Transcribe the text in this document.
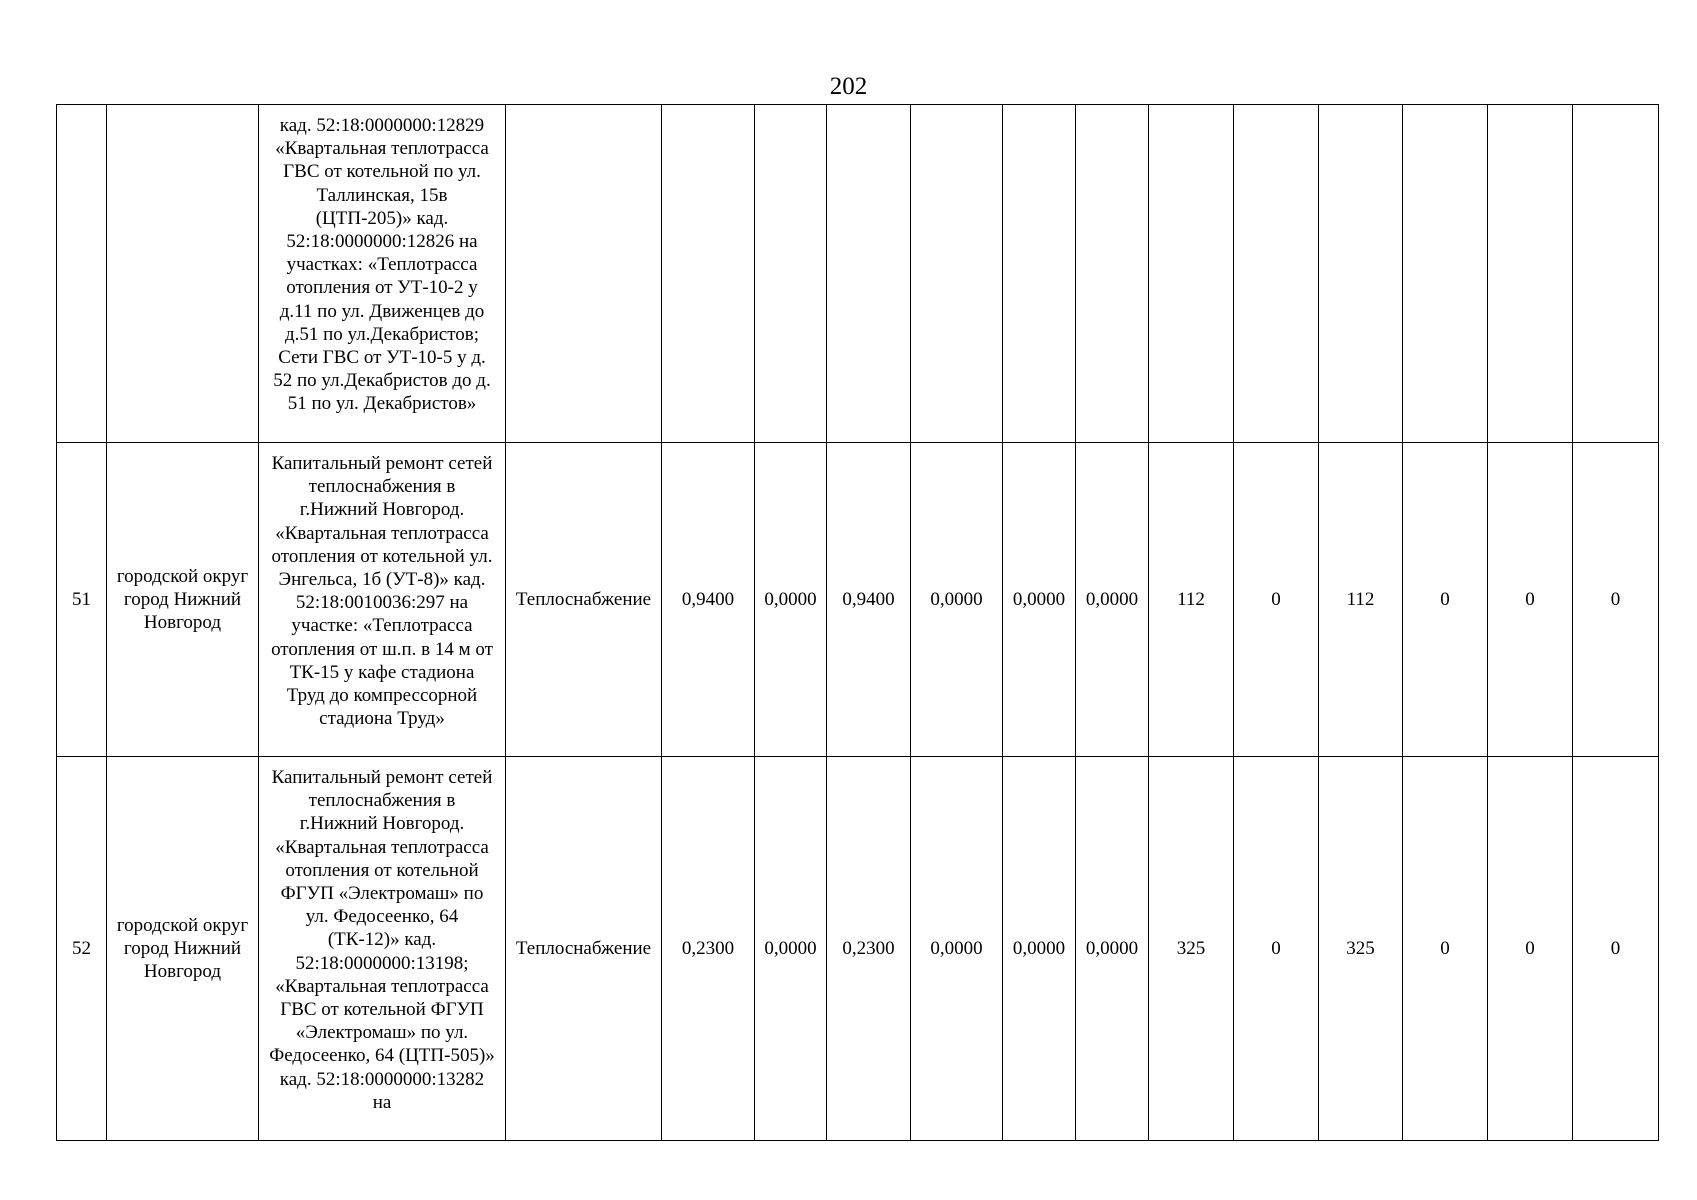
202
		кад. 52:18:0000000:12829 «Квартальная теплотрасса ГВС от котельной по ул. Таллинская, 15в (ЦТП-205)» кад. 52:18:0000000:12826 на участках: «Теплотрасса отопления от УТ-10-2 у д.11 по ул. Движенцев до д.51 по ул.Декабристов; Сети ГВС от УТ-10-5 у д. 52 по ул.Декабристов до д. 51 по ул. Декабристов»													
51	городской округ город Нижний Новгород	Капитальный ремонт сетей теплоснабжения в г.Нижний Новгород. «Квартальная теплотрасса отопления от котельной ул. Энгельса, 1б (УТ-8)» кад. 52:18:0010036:297 на участке: «Теплотрасса отопления от ш.п. в 14 м от ТК-15 у кафе стадиона Труд до компрессорной стадиона Труд»	Теплоснабжение	0,9400	0,0000	0,9400	0,0000	0,0000	0,0000	112	0	112	0	0	0
52	городской округ город Нижний Новгород	Капитальный ремонт сетей теплоснабжения в г.Нижний Новгород. «Квартальная теплотрасса отопления от котельной ФГУП «Электромаш» по ул. Федосеенко, 64 (ТК-12)» кад. 52:18:0000000:13198; «Квартальная теплотрасса ГВС от котельной ФГУП «Электромаш» по ул. Федосеенко, 64 (ЦТП-505)» кад. 52:18:0000000:13282 на	Теплоснабжение	0,2300	0,0000	0,2300	0,0000	0,0000	0,0000	325	0	325	0	0	0
